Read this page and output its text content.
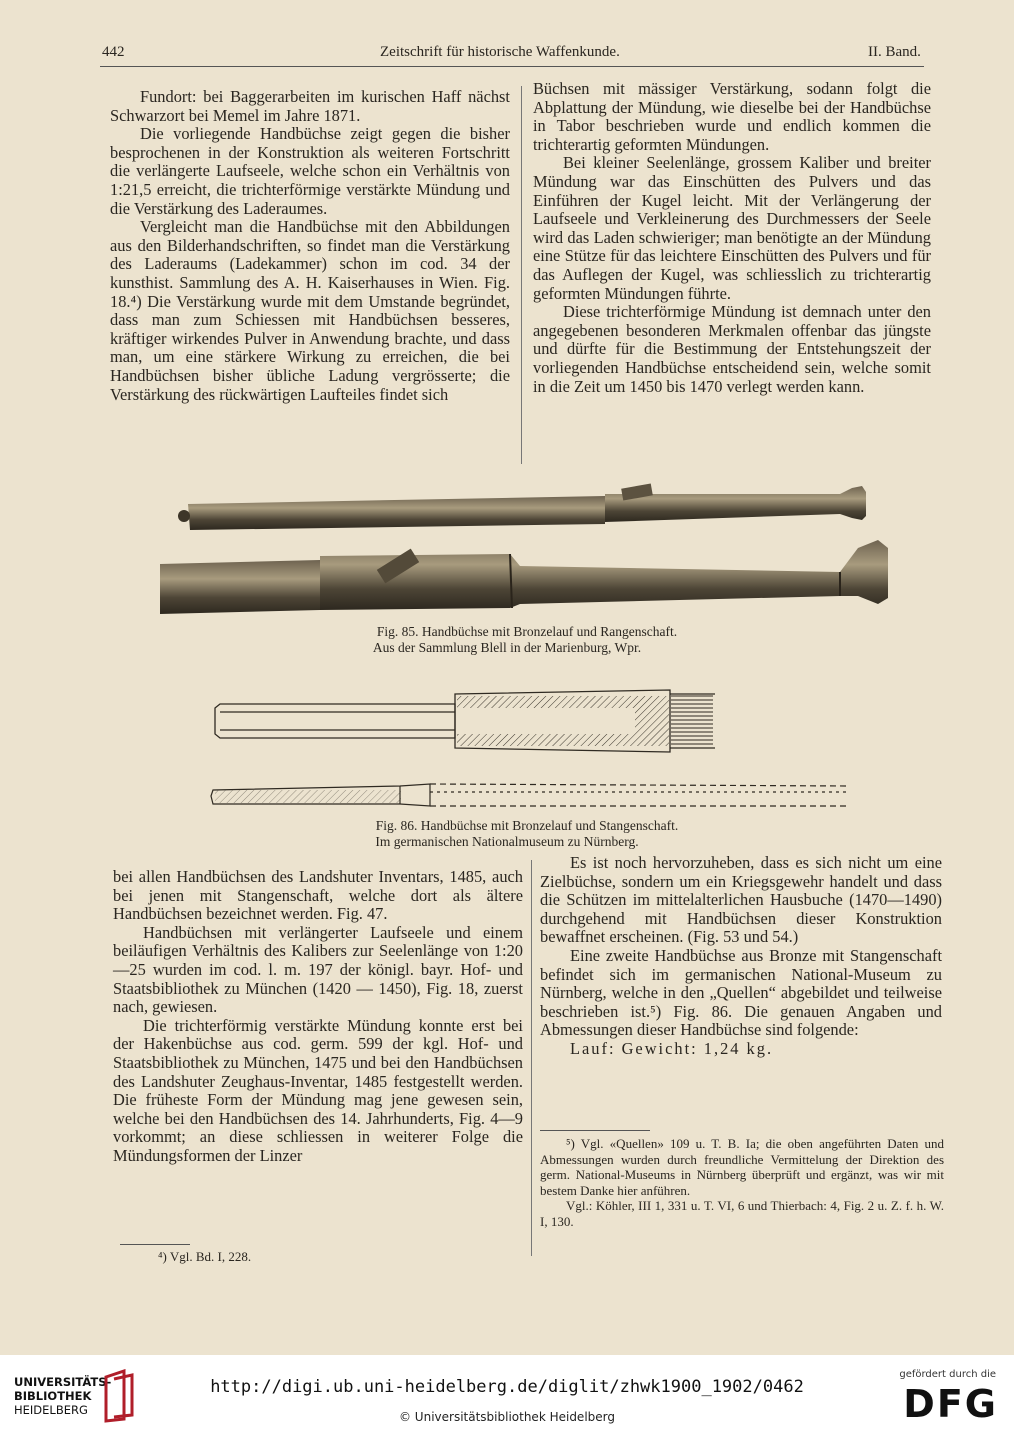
442	Zeitschrift für historische Waffenkunde.	II. Band.

Fundort: bei Baggerarbeiten im kurischen Haff nächst Schwarzort bei Memel im Jahre 1871.

Die vorliegende Handbüchse zeigt gegen die bisher besprochenen in der Konstruktion als weiteren Fortschritt die verlängerte Laufseele, welche schon ein Verhältnis von 1:21,5 erreicht, die trichterförmige verstärkte Mündung und die Verstärkung des Laderaumes.

Vergleicht man die Handbüchse mit den Abbildungen aus den Bilderhandschriften, so findet man die Verstärkung des Laderaums (Ladekammer) schon im cod. 34 der kunsthist. Sammlung des A. H. Kaiserhauses in Wien. Fig. 18.⁴) Die Verstärkung wurde mit dem Umstande begründet, dass man zum Schiessen mit Handbüchsen besseres, kräftiger wirkendes Pulver in Anwendung brachte, und dass man, um eine stärkere Wirkung zu erreichen, die bei Handbüchsen bisher übliche Ladung vergrösserte; die Verstärkung des rückwärtigen Laufteiles findet sich

Büchsen mit mässiger Verstärkung, sodann folgt die Abplattung der Mündung, wie dieselbe bei der Handbüchse in Tabor beschrieben wurde und endlich kommen die trichterartig geformten Mündungen.

Bei kleiner Seelenlänge, grossem Kaliber und breiter Mündung war das Einschütten des Pulvers und das Einführen der Kugel leicht. Mit der Verlängerung der Laufseele und Verkleinerung des Durchmessers der Seele wird das Laden schwieriger; man benötigte an der Mündung eine Stütze für das leichtere Einschütten des Pulvers und für das Auflegen der Kugel, was schliesslich zu trichterartig geformten Mündungen führte.

Diese trichterförmige Mündung ist demnach unter den angegebenen besonderen Merkmalen offenbar das jüngste und dürfte für die Bestimmung der Entstehungszeit der vorliegenden Handbüchse entscheidend sein, welche somit in die Zeit um 1450 bis 1470 verlegt werden kann.

Fig. 85. Handbüchse mit Bronzelauf und Rangenschaft.
Aus der Sammlung Blell in der Marienburg, Wpr.
Fig. 86. Handbüchse mit Bronzelauf und Stangenschaft.
Im germanischen Nationalmuseum zu Nürnberg.

bei allen Handbüchsen des Landshuter Inventars, 1485, auch bei jenen mit Stangenschaft, welche dort als ältere Handbüchsen bezeichnet werden. Fig. 47.

Handbüchsen mit verlängerter Laufseele und einem beiläufigen Verhältnis des Kalibers zur Seelenlänge von 1:20—25 wurden im cod. l. m. 197 der königl. bayr. Hof- und Staatsbibliothek zu München (1420 — 1450), Fig. 18, zuerst nach, gewiesen.

Die trichterförmig verstärkte Mündung konnte erst bei der Hakenbüchse aus cod. germ. 599 der kgl. Hof- und Staatsbibliothek zu München, 1475 und bei den Handbüchsen des Landshuter Zeughaus-Inventar, 1485 festgestellt werden. Die früheste Form der Mündung mag jene gewesen sein, welche bei den Handbüchsen des 14. Jahrhunderts, Fig. 4—9 vorkommt; an diese schliessen in weiterer Folge die Mündungsformen der Linzer

Es ist noch hervorzuheben, dass es sich nicht um eine Zielbüchse, sondern um ein Kriegsgewehr handelt und dass die Schützen im mittelalterlichen Hausbuche (1470—1490) durchgehend mit Handbüchsen dieser Konstruktion bewaffnet erscheinen. (Fig. 53 und 54.)

Eine zweite Handbüchse aus Bronze mit Stangenschaft befindet sich im germanischen National-Museum zu Nürnberg, welche in den „Quellen“ abgebildet und teilweise beschrieben ist.⁵) Fig. 86. Die genauen Angaben und Abmessungen dieser Handbüchse sind folgende:

Lauf: Gewicht: 1,24 kg.

⁴) Vgl. Bd. I, 228.

⁵) Vgl. «Quellen» 109 u. T. B. Ia; die oben angeführten Daten und Abmessungen wurden durch freundliche Vermittelung der Direktion des germ. National-Museums in Nürnberg überprüft und ergänzt, was wir mit bestem Danke hier anführen.

Vgl.: Köhler, III 1, 331 u. T. VI, 6 und Thierbach: 4, Fig. 2 u. Z. f. h. W. I, 130.

UNIVERSITÄTS-
BIBLIOTHEK
HEIDELBERG
http://digi.ub.uni-heidelberg.de/diglit/zhwk1900_1902/0462
© Universitätsbibliothek Heidelberg
gefördert durch die
DFG
